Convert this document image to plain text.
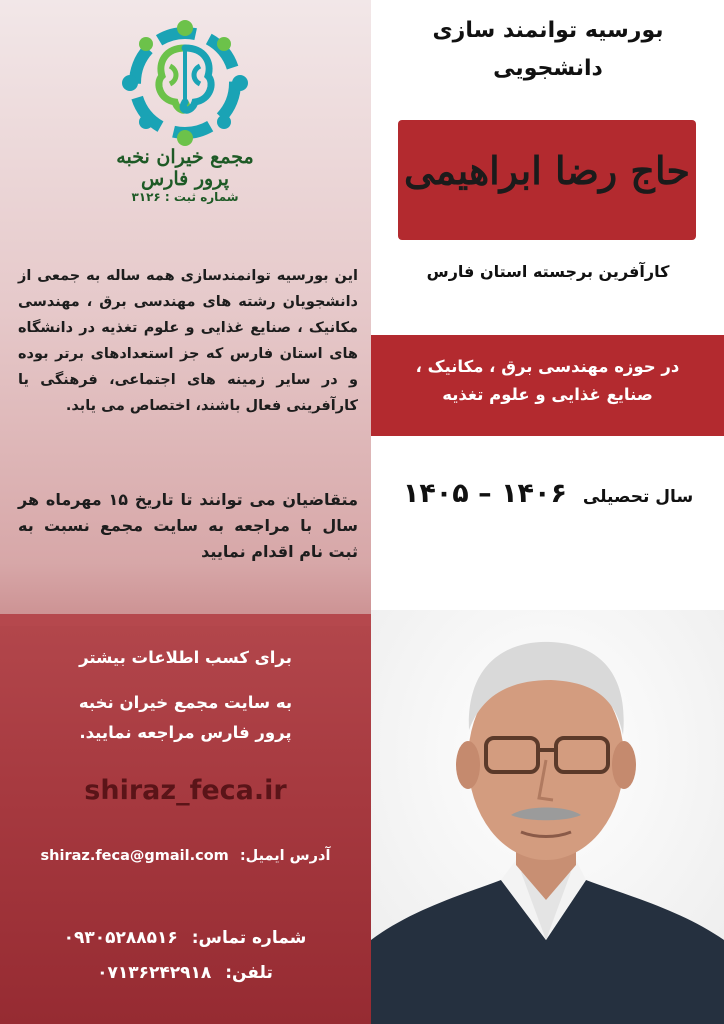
مجمع خیران نخبه پرور فارس
شماره ثبت : ۳۱۲۶
این بورسیه توانمندسازی همه ساله به جمعی از دانشجویان رشته های مهندسی برق ، مهندسی مکانیک ، صنایع غذایی و علوم تغذیه در دانشگاه های استان فارس که جز استعدادهای برتر بوده و در سایر زمینه های اجتماعی، فرهنگی یا کارآفرینی فعال باشند، اختصاص می یابد.
متقاضیان می توانند تا تاریخ ۱۵ مهرماه هر سال با مراجعه به سایت مجمع نسبت به ثبت نام اقدام نمایید
برای کسب اطلاعات بیشتر
به سایت مجمع خیران نخبه
پرور فارس مراجعه نمایید.
shiraz_feca.ir
آدرس ایمیل: shiraz.feca@gmail.com
شماره تماس: ۰۹۳۰۵۲۸۸۵۱۶
تلفن: ۰۷۱۳۶۲۴۲۹۱۸
بورسیه توانمند سازی
دانشجویی
حاج رضا ابراهیمی
کارآفرین برجسته استان فارس
در حوزه مهندسی برق ، مکانیک ،
صنایع غذایی و علوم تغذیه
سال تحصیلی ۱۴۰۶ – ۱۴۰۵
